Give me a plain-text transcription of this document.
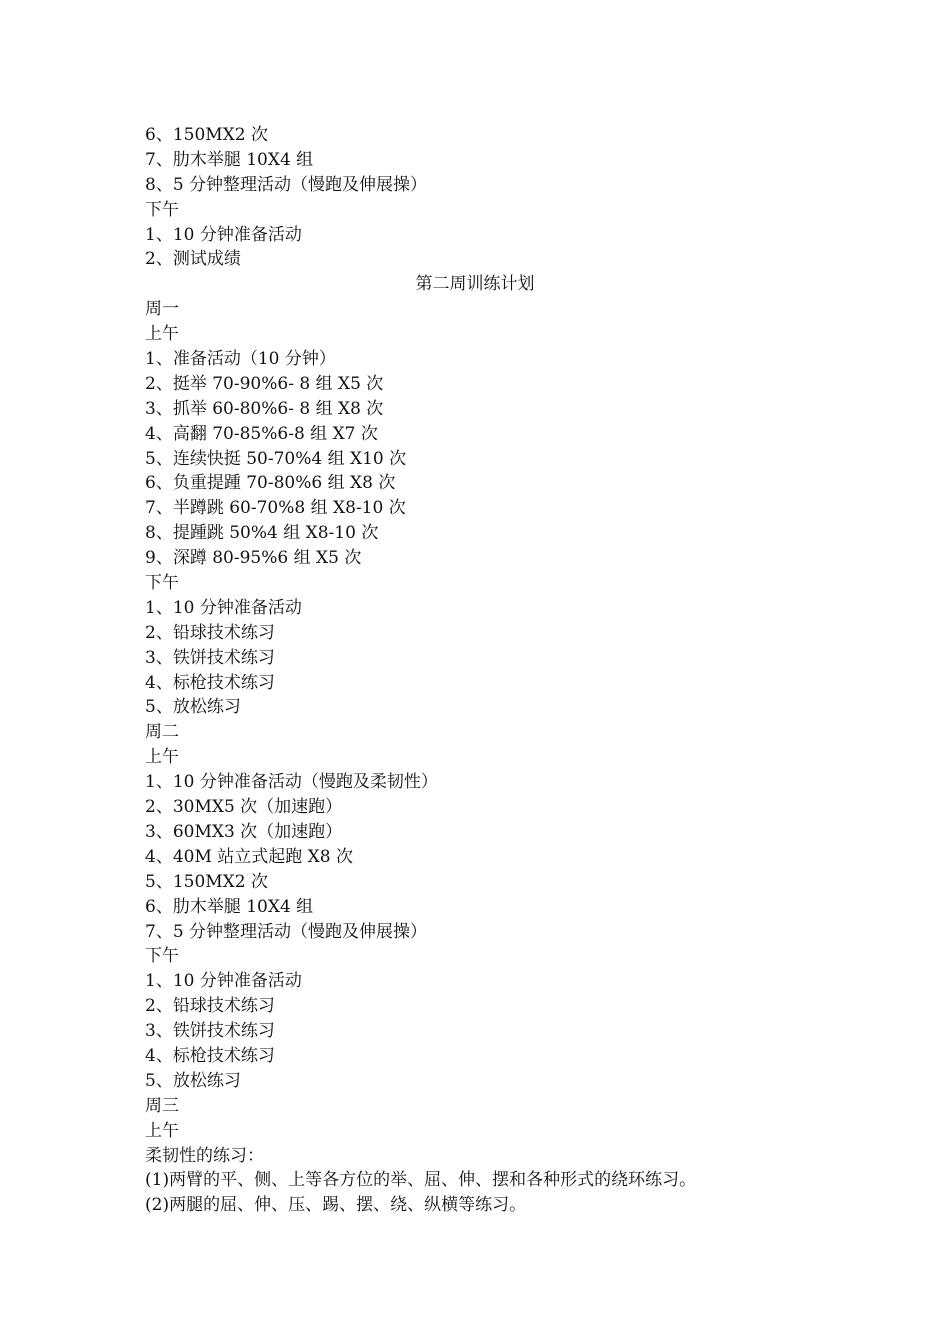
6、150MX2 次
7、肋木举腿 10X4 组
8、5 分钟整理活动（慢跑及伸展操）
下午
1、10 分钟准备活动
2、测试成绩
第二周训练计划
周一
上午
1、准备活动（10 分钟）
2、挺举 70-90%6- 8 组 X5 次
3、抓举 60-80%6- 8 组 X8 次
4、高翻 70-85%6-8 组 X7 次
5、连续快挺 50-70%4 组 X10 次
6、负重提踵 70-80%6 组 X8 次
7、半蹲跳 60-70%8 组 X8-10 次
8、提踵跳 50%4 组 X8-10 次
9、深蹲 80-95%6 组 X5 次
下午
1、10 分钟准备活动
2、铅球技术练习
3、铁饼技术练习
4、标枪技术练习
5、放松练习
周二
上午
1、10 分钟准备活动（慢跑及柔韧性）
2、30MX5 次（加速跑）
3、60MX3 次（加速跑）
4、40M 站立式起跑 X8 次
5、150MX2 次
6、肋木举腿 10X4 组
7、5 分钟整理活动（慢跑及伸展操）
下午
1、10 分钟准备活动
2、铅球技术练习
3、铁饼技术练习
4、标枪技术练习
5、放松练习
周三
上午
柔韧性的练习：
(1)两臂的平、侧、上等各方位的举、屈、伸、摆和各种形式的绕环练习。
(2)两腿的屈、伸、压、踢、摆、绕、纵横等练习。
